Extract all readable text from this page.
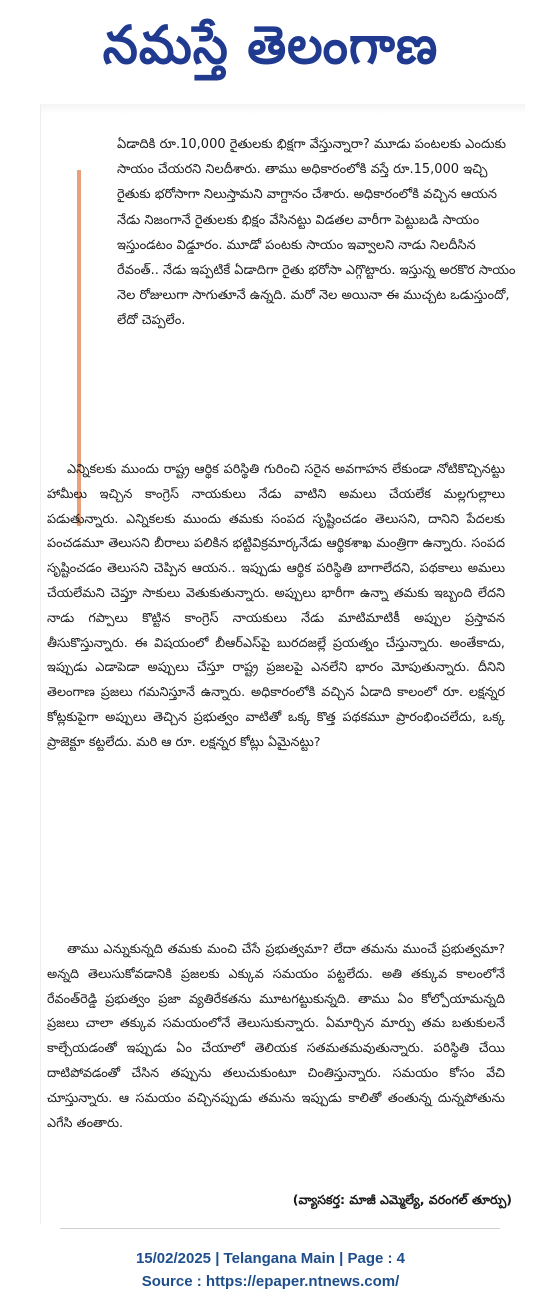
నమస్తే తెలంగాణ
ఏడాదికి రూ.10,000 రైతులకు భిక్షగా వేస్తున్నారా? మూడు పంటలకు ఎందుకు సాయం చేయరని నిలదీశారు. తాము అధికారంలోకి వస్తే రూ.15,000 ఇచ్చి రైతుకు భరోసాగా నిలుస్తామని వాగ్దానం చేశారు. అధికారంలోకి వచ్చిన ఆయన నేడు నిజంగానే రైతులకు భిక్షం వేసినట్టు విడతల వారీగా పెట్టుబడి సాయం ఇస్తుండటం విడ్డూరం. మూడో పంటకు సాయం ఇవ్వాలని నాడు నిలదీసిన రేవంత్.. నేడు ఇప్పటికే ఏడాదిగా రైతు భరోసా ఎగ్గొట్టారు. ఇస్తున్న అరకొర సాయం నెల రోజులుగా సాగుతూనే ఉన్నది. మరో నెల అయినా ఈ ముచ్చట ఒడుస్తుందో, లేదో చెప్పలేం.
ఎన్నికలకు ముందు రాష్ట్ర ఆర్థిక పరిస్థితి గురించి సరైన అవగాహన లేకుండా నోటికొచ్చినట్టు హామీలు ఇచ్చిన కాంగ్రెస్ నాయకులు నేడు వాటిని అమలు చేయలేక మల్లగుల్లాలు పడుతున్నారు. ఎన్నికలకు ముందు తమకు సంపద సృష్టించడం తెలుసని, దానిని పేదలకు పంచడమూ తెలుసని బీరాలు పలికిన భట్టివిక్రమార్కనేడు ఆర్థికశాఖ మంత్రిగా ఉన్నారు. సంపద సృష్టించడం తెలుసని చెప్పిన ఆయన.. ఇప్పుడు ఆర్థిక పరిస్థితి బాగాలేదని, పథకాలు అమలు చేయలేమని చెప్తూ సాకులు వెతుకుతున్నారు. అప్పులు భారీగా ఉన్నా తమకు ఇబ్బంది లేదని నాడు గప్పాలు కొట్టిన కాంగ్రెస్ నాయకులు నేడు మాటిమాటికీ అప్పుల ప్రస్తావన తీసుకొస్తున్నారు. ఈ విషయంలో బీఆర్ఎస్‌పై బురదజల్లే ప్రయత్నం చేస్తున్నారు. అంతేకాదు, ఇప్పుడు ఎడాపెడా అప్పులు చేస్తూ రాష్ట్ర ప్రజలపై ఎనలేని భారం మోపుతున్నారు. దీనిని తెలంగాణ ప్రజలు గమనిస్తూనే ఉన్నారు. అధికారంలోకి వచ్చిన ఏడాది కాలంలో రూ. లక్షన్నర కోట్లకుపైగా అప్పులు తెచ్చిన ప్రభుత్వం వాటితో ఒక్క కొత్త పథకమూ ప్రారంభించలేదు, ఒక్క ప్రాజెక్టూ కట్టలేదు. మరి ఆ రూ. లక్షన్నర కోట్లు ఏమైనట్టు?
తాము ఎన్నుకున్నది తమకు మంచి చేసే ప్రభుత్వమా? లేదా తమను ముంచే ప్రభుత్వమా? అన్నది తెలుసుకోవడానికి ప్రజలకు ఎక్కువ సమయం పట్టలేదు. అతి తక్కువ కాలంలోనే రేవంత్‌రెడ్డి ప్రభుత్వం ప్రజా వ్యతిరేకతను మూటగట్టుకున్నది. తాము ఏం కోల్పోయామన్నది ప్రజలు చాలా తక్కువ సమయంలోనే తెలుసుకున్నారు. ఏమార్చిన మార్పు తమ బతుకులనే కాల్చేయడంతో ఇప్పుడు ఏం చేయాలో తెలియక సతమతమవుతున్నారు. పరిస్థితి చేయి దాటిపోవడంతో చేసిన తప్పును తలుచుకుంటూ చింతిస్తున్నారు. సమయం కోసం వేచి చూస్తున్నారు. ఆ సమయం వచ్చినప్పుడు తమను ఇప్పుడు కాలితో తంతున్న దున్నపోతును ఎగేసి తంతారు.
(వ్యాసకర్త: మాజీ ఎమ్మెల్యే, వరంగల్ తూర్పు)
15/02/2025 | Telangana Main | Page : 4
Source : https://epaper.ntnews.com/
